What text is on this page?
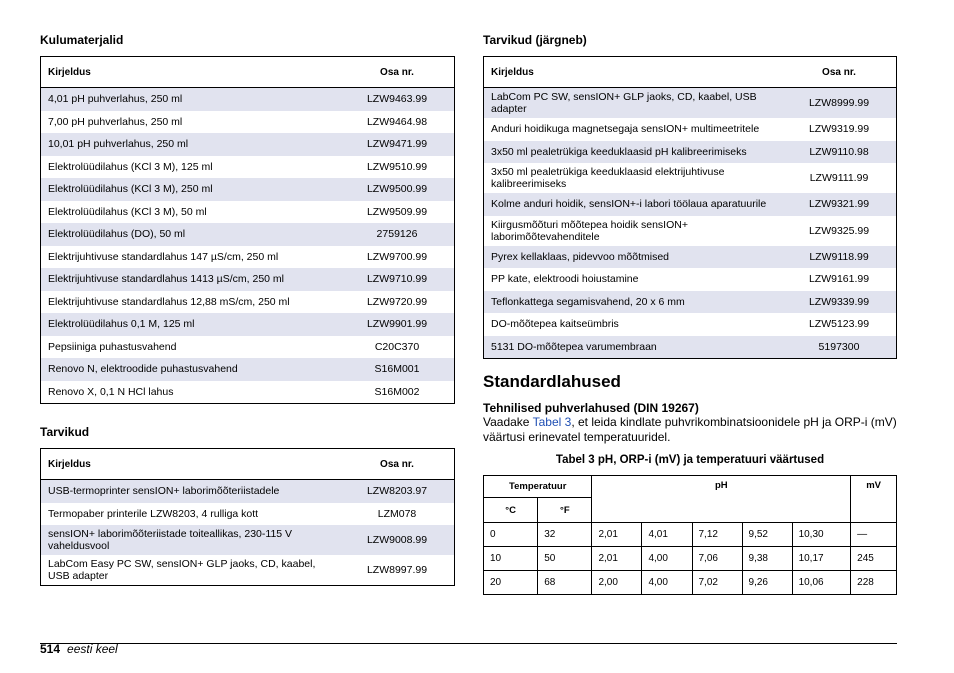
Kulumaterjalid
Kirjeldus	Osa nr.
4,01 pH puhverlahus, 250 ml	LZW9463.99
7,00 pH puhverlahus, 250 ml	LZW9464.98
10,01 pH puhverlahus, 250 ml	LZW9471.99
Elektrolüüdilahus (KCl 3 M), 125 ml	LZW9510.99
Elektrolüüdilahus (KCl 3 M), 250 ml	LZW9500.99
Elektrolüüdilahus (KCl 3 M), 50 ml	LZW9509.99
Elektrolüüdilahus (DO), 50 ml	2759126
Elektrijuhtivuse standardlahus 147 µS/cm, 250 ml	LZW9700.99
Elektrijuhtivuse standardlahus 1413 µS/cm, 250 ml	LZW9710.99
Elektrijuhtivuse standardlahus 12,88 mS/cm, 250 ml	LZW9720.99
Elektrolüüdilahus 0,1 M, 125 ml	LZW9901.99
Pepsiiniga puhastusvahend	C20C370
Renovo N, elektroodide puhastusvahend	S16M001
Renovo X, 0,1 N HCl lahus	S16M002
Tarvikud
Kirjeldus	Osa nr.
USB-termoprinter sensION+ laborimõõteriistadele	LZW8203.97
Termopaber printerile LZW8203, 4 rulliga kott	LZM078
sensION+ laborimõõteriistade toiteallikas, 230-115 V vaheldusvool	LZW9008.99
LabCom Easy PC SW, sensION+ GLP jaoks, CD, kaabel, USB adapter	LZW8997.99
Tarvikud (järgneb)
Kirjeldus	Osa nr.
LabCom PC SW, sensION+ GLP jaoks, CD, kaabel, USB adapter	LZW8999.99
Anduri hoidikuga magnetsegaja sensION+ multimeetritele	LZW9319.99
3x50 ml pealetrükiga keeduklaasid pH kalibreerimiseks	LZW9110.98
3x50 ml pealetrükiga keeduklaasid elektrijuhtivuse kalibreerimiseks	LZW9111.99
Kolme anduri hoidik, sensION+-i labori töölaua aparatuurile	LZW9321.99
Kiirgusmõõturi mõõtepea hoidik sensION+ laborimõõtevahenditele	LZW9325.99
Pyrex kellaklaas, pidevvoo mõõtmised	LZW9118.99
PP kate, elektroodi hoiustamine	LZW9161.99
Teflonkattega segamisvahend, 20 x 6 mm	LZW9339.99
DO-mõõtepea kaitseümbris	LZW5123.99
5131 DO-mõõtepea varumembraan	5197300
Standardlahused
Tehnilised puhverlahused (DIN 19267)

Vaadake Tabel 3, et leida kindlate puhvrikombinatsioonidele pH ja ORP-i (mV) väärtusi erinevatel temperatuuridel.

Tabel 3 pH, ORP-i (mV) ja temperatuuri väärtused

Temperatuur		pH					mV
°C	°F						
0	32	2,01	4,01	7,12	9,52	10,30	—
10	50	2,01	4,00	7,06	9,38	10,17	245
20	68	2,00	4,00	7,02	9,26	10,06	228
514 eesti keel
